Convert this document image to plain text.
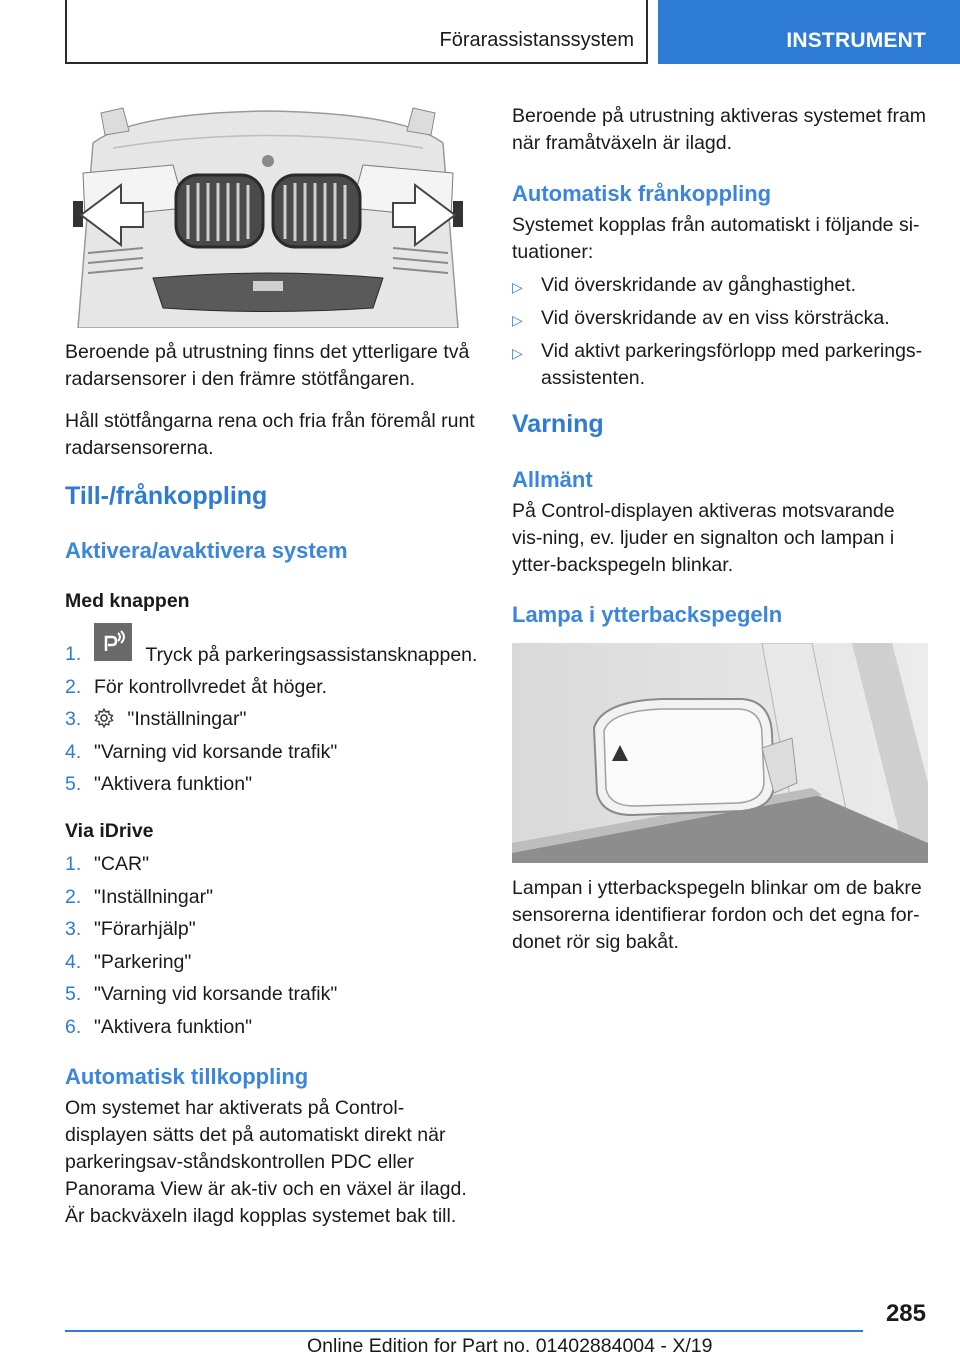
Förarassistanssystem	INSTRUMENT

Beroende på utrustning finns det ytterligare två radarsensorer i den främre stötfångaren.

Håll stötfångarna rena och fria från föremål runt radarsensorerna.

Till-/frånkoppling
Aktivera/avaktivera system
Med knappen
1.	Tryck på parkeringsassistansknappen.
2. För kontrollvredet åt höger.
3. "Inställningar"
4. "Varning vid korsande trafik"
5. "Aktivera funktion"
Via iDrive
1. "CAR"
2. "Inställningar"
3. "Förarhjälp"
4. "Parkering"
5. "Varning vid korsande trafik"
6. "Aktivera funktion"
Automatisk tillkoppling

Om systemet har aktiverats på Control-displayen sätts det på automatiskt direkt när parkeringsav-ståndskontrollen PDC eller Panorama View är ak-tiv och en växel är ilagd.

Är backväxeln ilagd kopplas systemet bak till.

Beroende på utrustning aktiveras systemet fram när framåtväxeln är ilagd.

Automatisk frånkoppling

Systemet kopplas från automatiskt i följande si-tuationer:

▷ Vid överskridande av gånghastighet.
▷ Vid överskridande av en viss körsträcka.
▷ Vid aktivt parkeringsförlopp med parkerings-assistenten.
Varning
Allmänt

På Control-displayen aktiveras motsvarande vis-ning, ev. ljuder en signalton och lampan i ytter-backspegeln blinkar.

Lampa i ytterbackspegeln

Lampan i ytterbackspegeln blinkar om de bakre sensorerna identifierar fordon och det egna for-donet rör sig bakåt.

285
Online Edition for Part no. 01402884004 - X/19
